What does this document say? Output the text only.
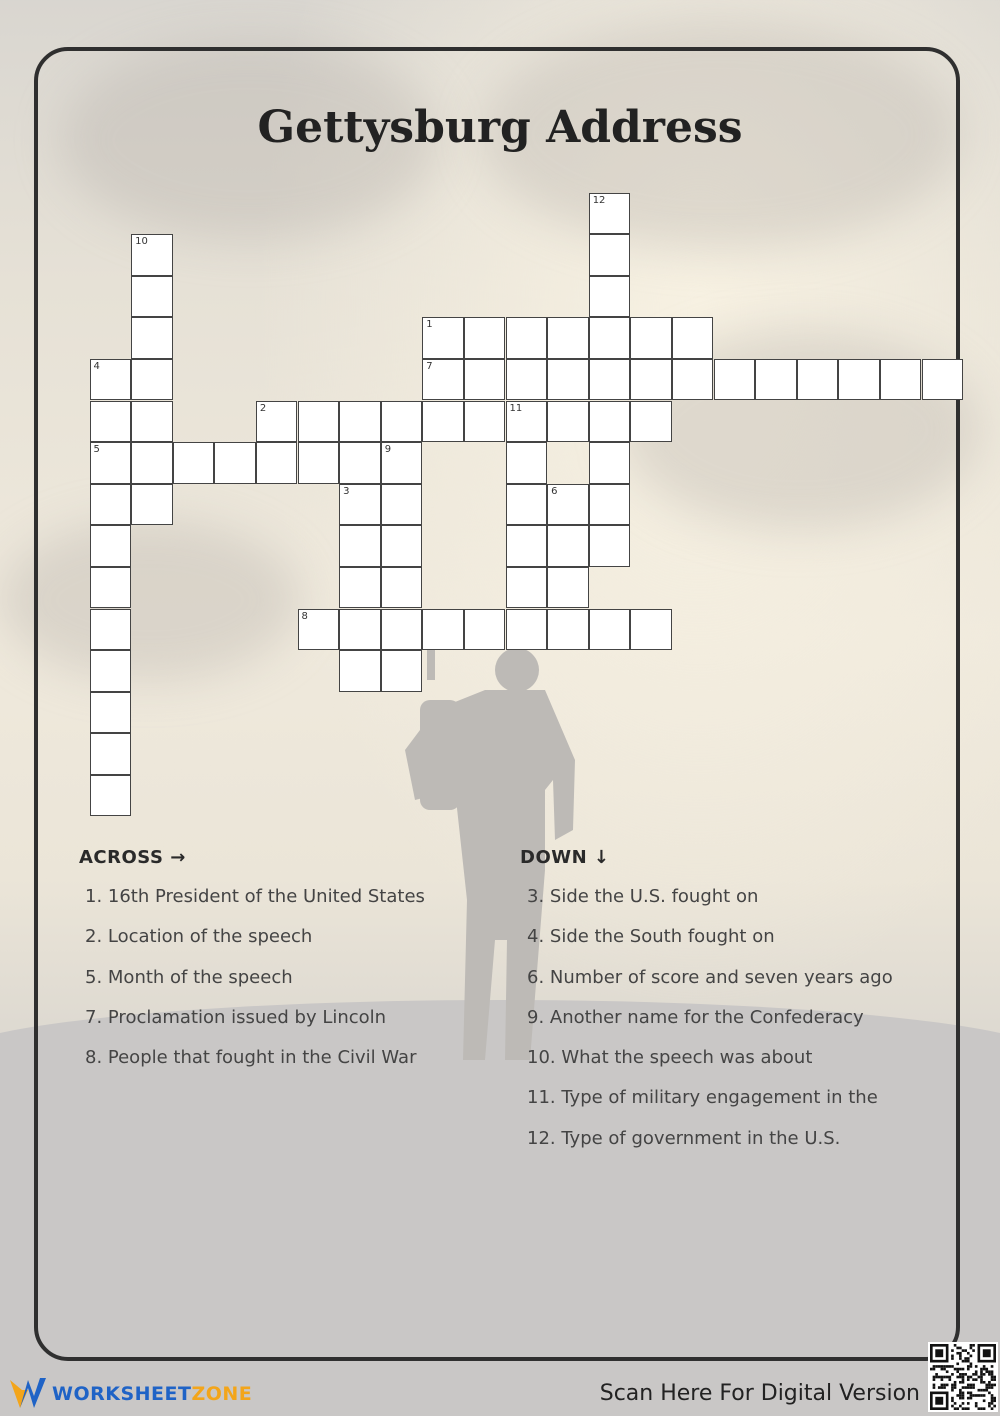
Gettysburg Address
12
10
1
4	7
2	11
5	9
3	6
8
ACROSS →
1. 16th President of the United States
2. Location of the speech
5. Month of the speech
7. Proclamation issued by Lincoln
8. People that fought in the Civil War
DOWN ↓
3. Side the U.S. fought on
4. Side the South fought on
6. Number of score and seven years ago
9. Another name for the Confederacy
10. What the speech was about
11. Type of military engagement in the
12. Type of government in the U.S.
WORKSHEETZONE	Scan Here For Digital Version
